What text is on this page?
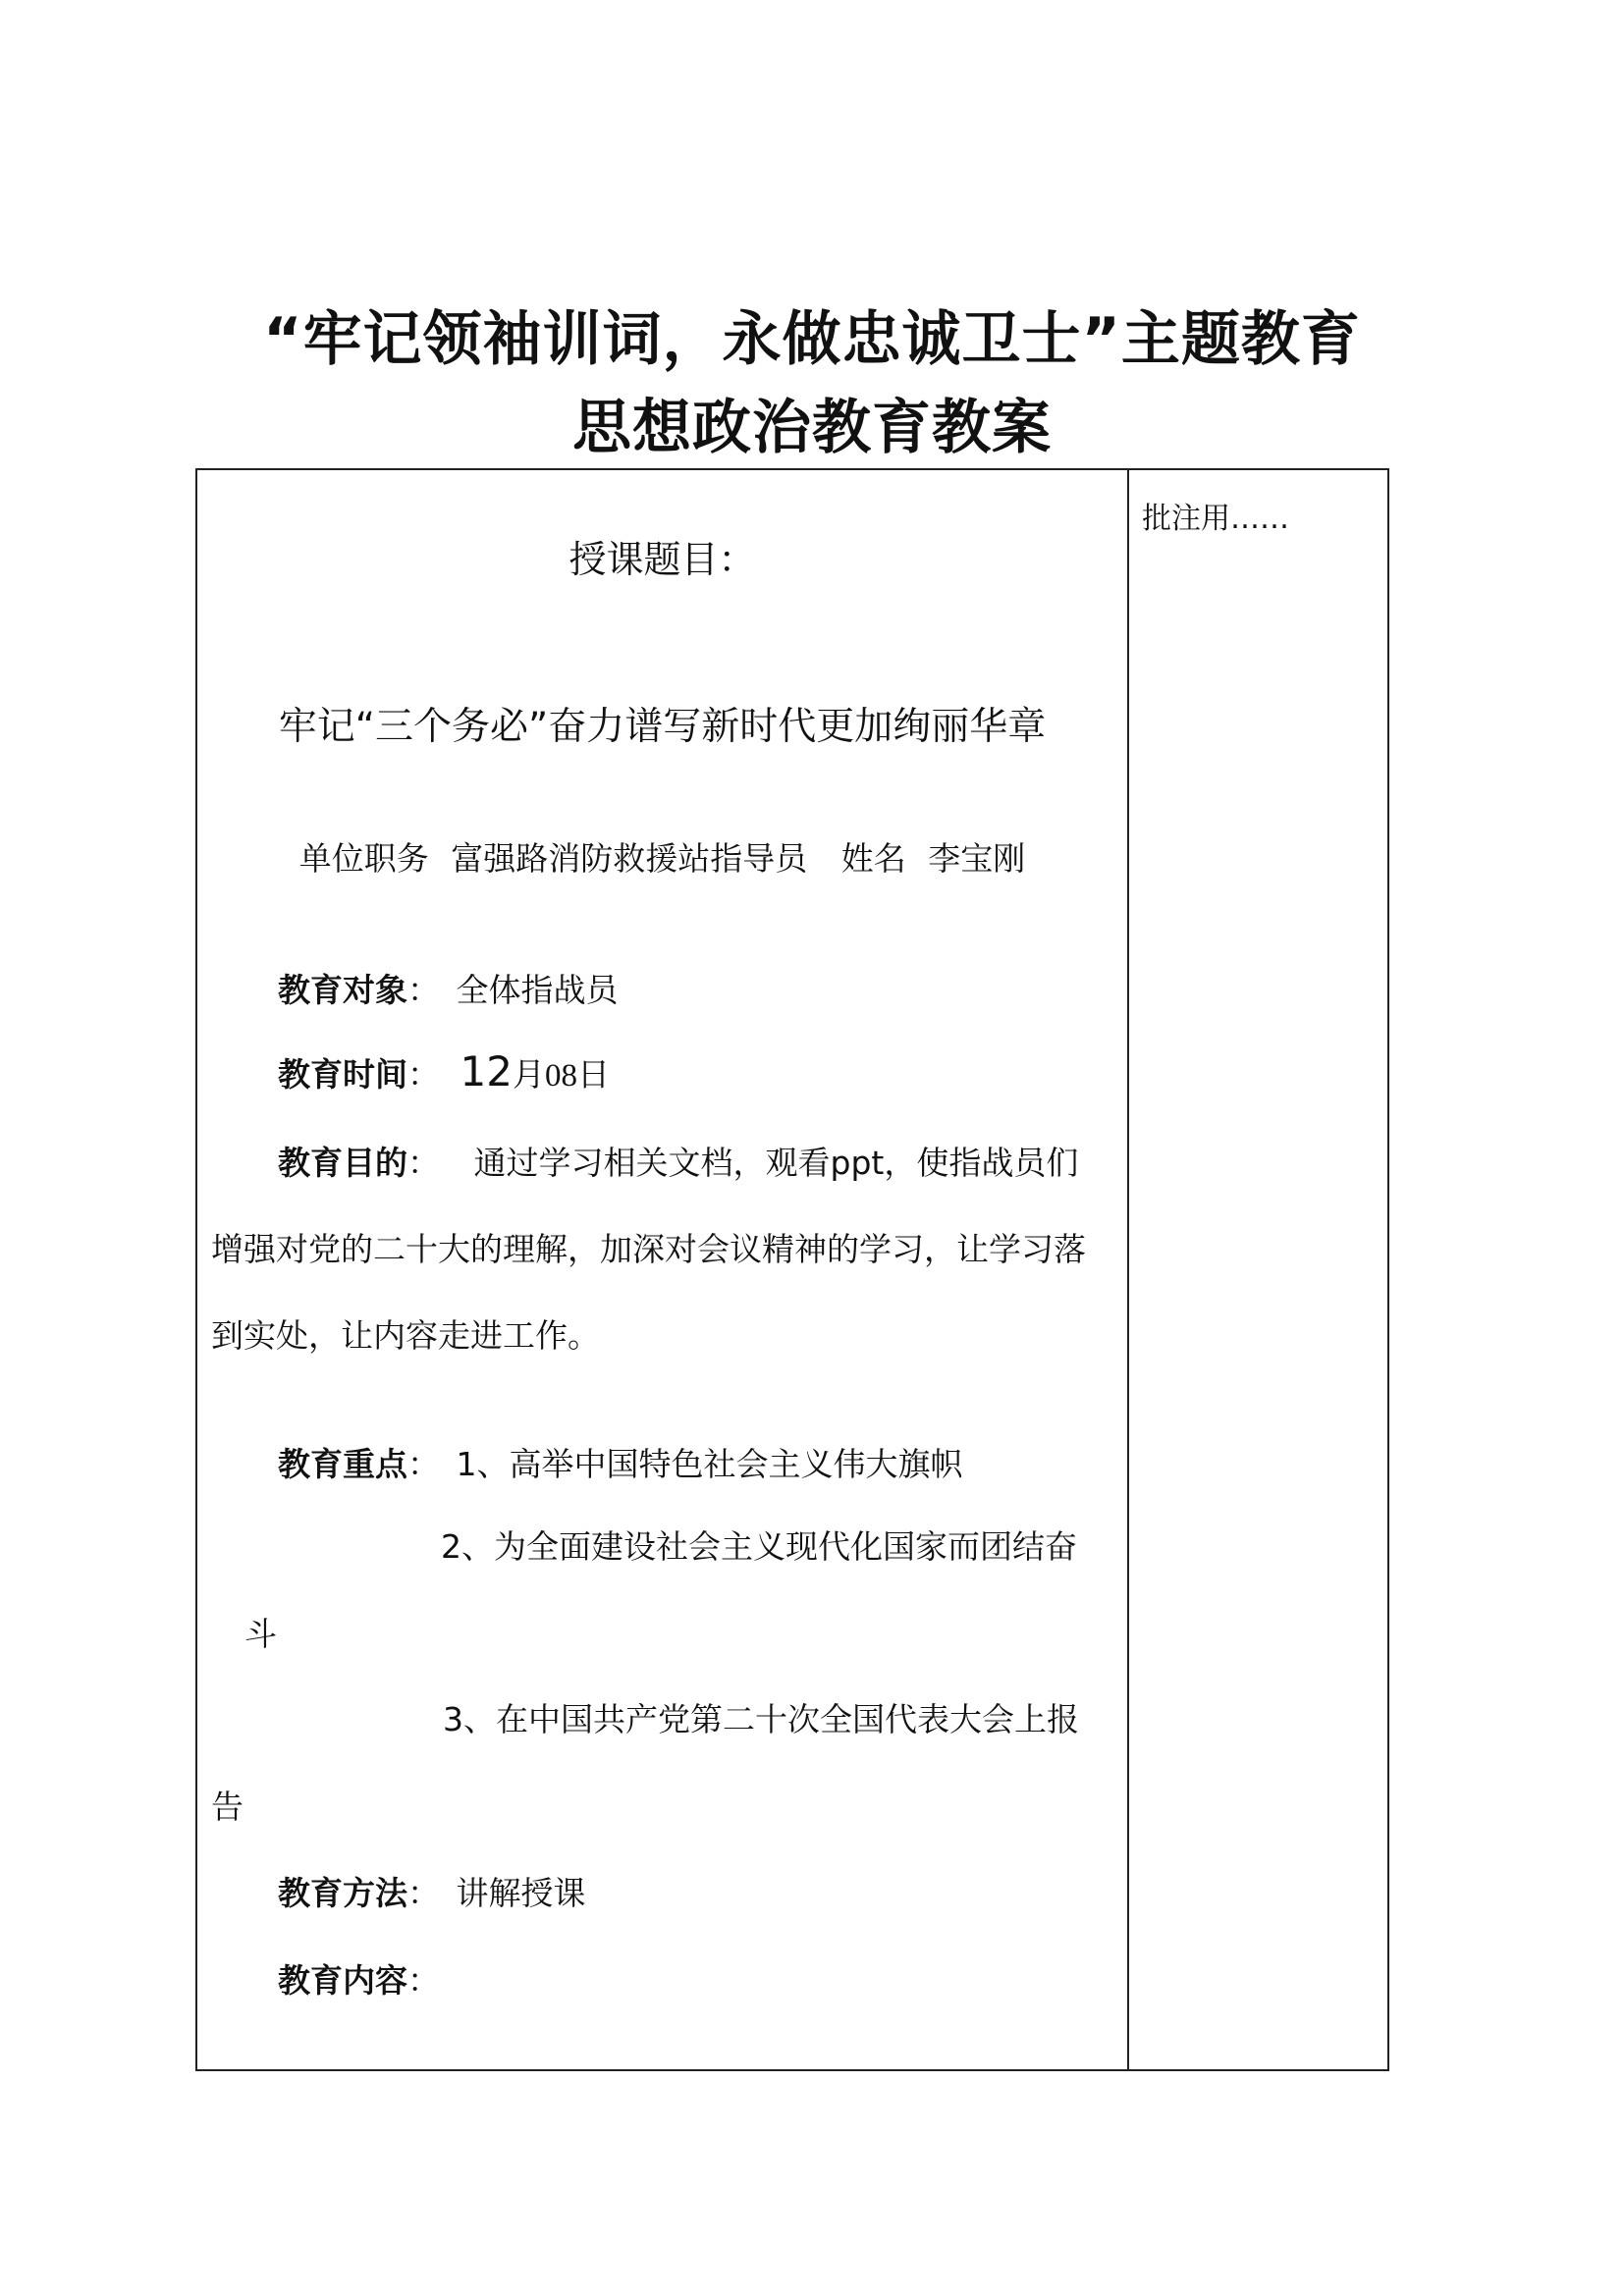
“牢记领袖训词，永做忠诚卫士”主题教育
思想政治教育教案
批注用……
授课题目：
牢记“三个务必”奋力谱写新时代更加绚丽华章
单位职务 富强路消防救援站指导员 姓名 李宝刚
教育对象： 全体指战员
教育时间： 12月08日
教育目的： 通过学习相关文档，观看ppt，使指战员们
增强对党的二十大的理解，加深对会议精神的学习，让学习落
到实处，让内容走进工作。
教育重点： 1、高举中国特色社会主义伟大旗帜
2、为全面建设社会主义现代化国家而团结奋
斗
3、在中国共产党第二十次全国代表大会上报
告
教育方法： 讲解授课
教育内容：
